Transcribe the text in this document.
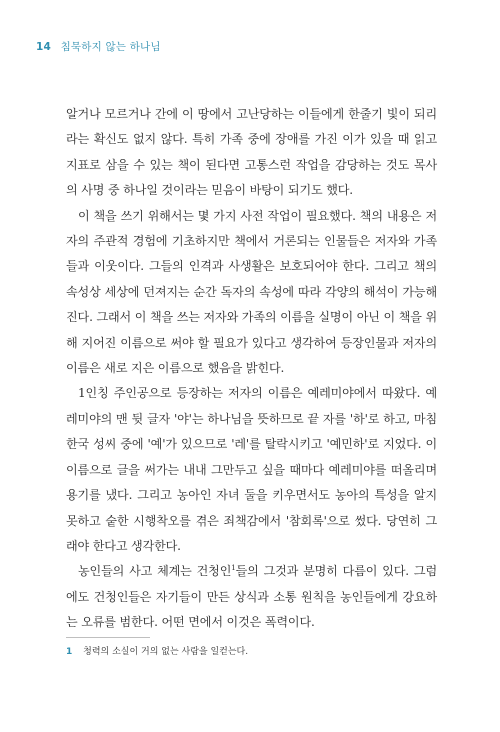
14 침묵하지 않는 하나님

알거나 모르거나 간에 이 땅에서 고난당하는 이들에게 한줄기 빛이 되리라는 확신도 없지 않다. 특히 가족 중에 장애를 가진 이가 있을 때 읽고 지표로 삼을 수 있는 책이 된다면 고통스런 작업을 감당하는 것도 목사의 사명 중 하나일 것이라는 믿음이 바탕이 되기도 했다.

이 책을 쓰기 위해서는 몇 가지 사전 작업이 필요했다. 책의 내용은 저자의 주관적 경험에 기초하지만 책에서 거론되는 인물들은 저자와 가족들과 이웃이다. 그들의 인격과 사생활은 보호되어야 한다. 그리고 책의 속성상 세상에 던져지는 순간 독자의 속성에 따라 각양의 해석이 가능해진다. 그래서 이 책을 쓰는 저자와 가족의 이름을 실명이 아닌 이 책을 위해 지어진 이름으로 써야 할 필요가 있다고 생각하여 등장인물과 저자의 이름은 새로 지은 이름으로 했음을 밝힌다.

1인칭 주인공으로 등장하는 저자의 이름은 예레미야에서 따왔다. 예레미야의 맨 뒷 글자 '야'는 하나님을 뜻하므로 끝 자를 '하'로 하고, 마침 한국 성씨 중에 '예'가 있으므로 '레'를 탈락시키고 '예민하'로 지었다. 이 이름으로 글을 써가는 내내 그만두고 싶을 때마다 예레미야를 떠올리며 용기를 냈다. 그리고 농아인 자녀 둘을 키우면서도 농아의 특성을 알지 못하고 숱한 시행착오를 겪은 죄책감에서 '참회록'으로 썼다. 당연히 그래야 한다고 생각한다.

농인들의 사고 체계는 건청인$^1$들의 그것과 분명히 다름이 있다. 그럼에도 건청인들은 자기들이 만든 상식과 소통 원칙을 농인들에게 강요하는 오류를 범한다. 어떤 면에서 이것은 폭력이다.

1 청력의 소실이 거의 없는 사람을 일컫는다.
